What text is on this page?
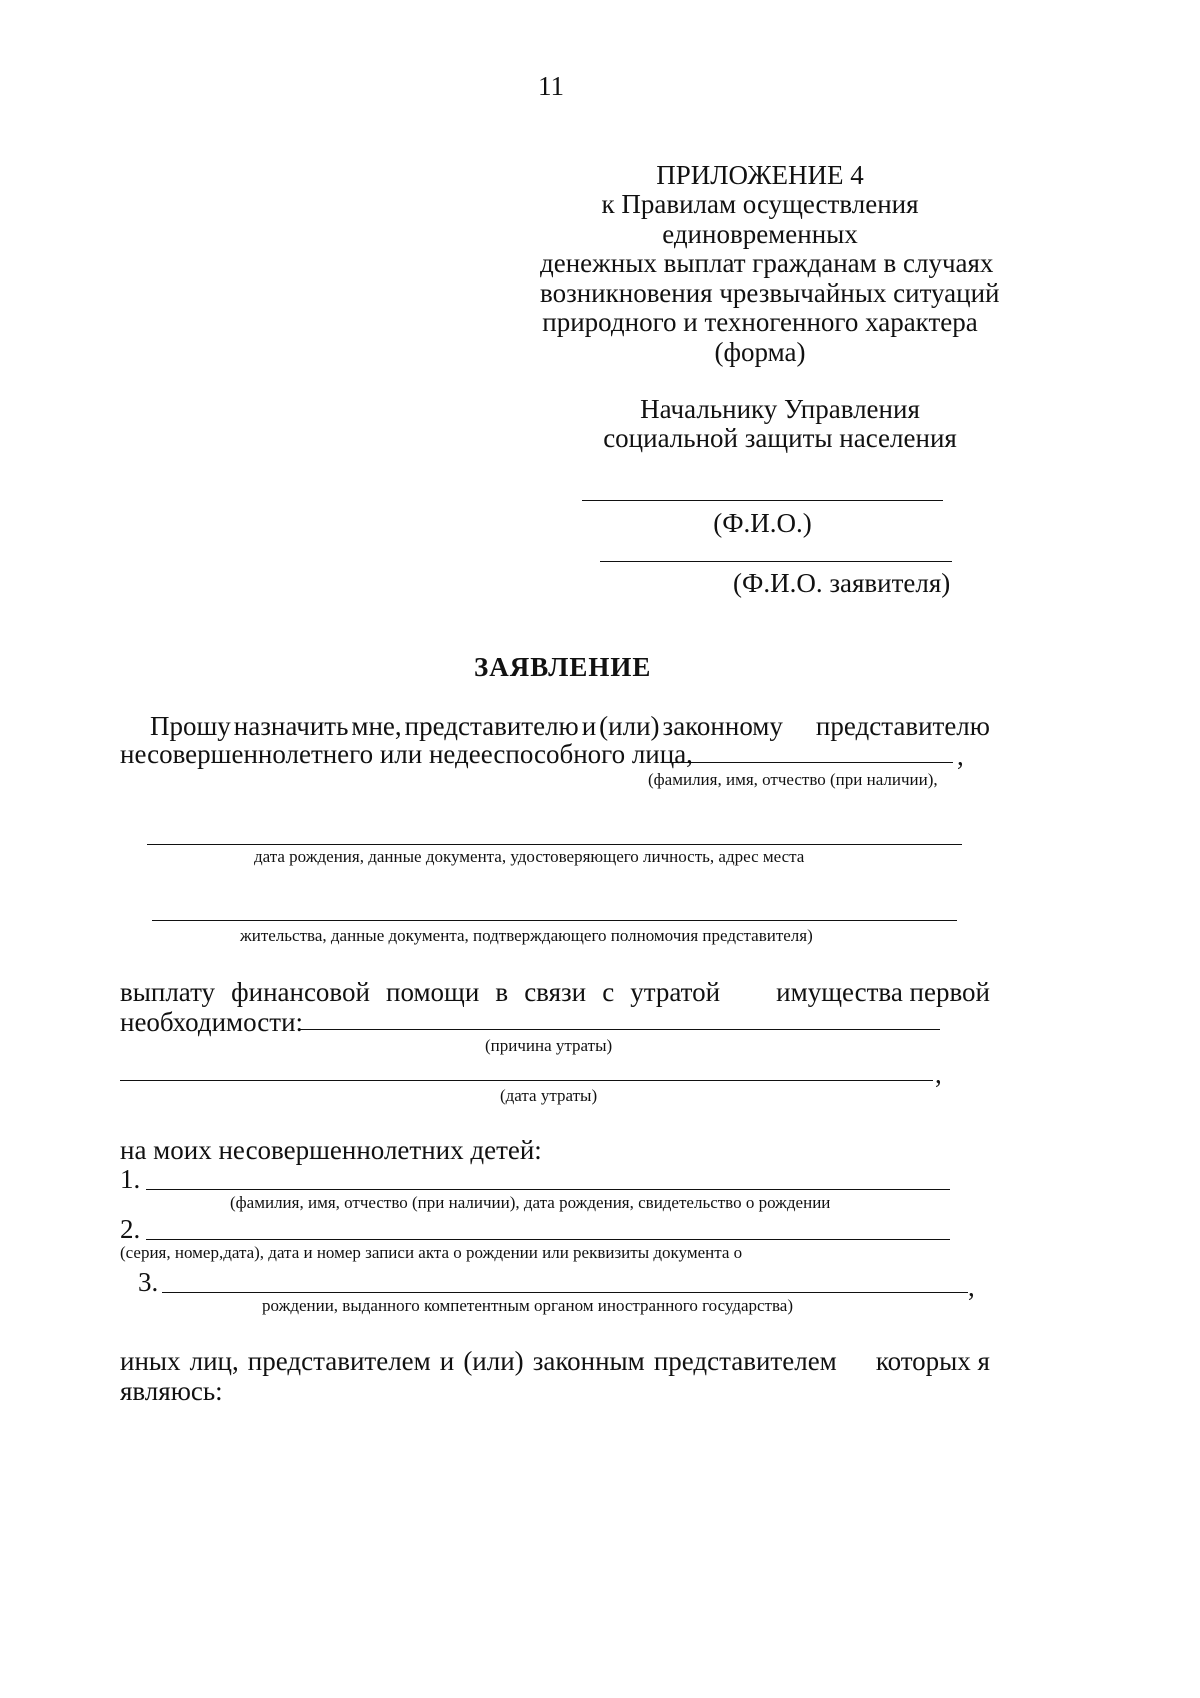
11
ПРИЛОЖЕНИЕ 4
к Правилам осуществления
единовременных
денежных выплат гражданам в случаях
возникновения чрезвычайных ситуаций
природного и техногенного характера
(форма)
Начальнику Управления
социальной защиты населения
(Ф.И.О.)
(Ф.И.О. заявителя)
ЗАЯВЛЕНИЕ
Прошу назначить мне, представителю и (или) законному представителю
несовершеннолетнего или недееспособного лица,	,
(фамилия, имя, отчество (при наличии),
дата рождения, данные документа, удостоверяющего личность, адрес места
жительства, данные документа, подтверждающего полномочия представителя)
выплату финансовой помощи в связи с утратой имущества первой
необходимости:
(причина утраты)
,
(дата утраты)
на моих несовершеннолетних детей:
1.
(фамилия, имя, отчество (при наличии), дата рождения, свидетельство о рождении
2.
(серия, номер,дата), дата и номер записи акта о рождении или реквизиты документа о
3.	,
рождении, выданного компетентным органом иностранного государства)
иных лиц, представителем и (или) законным представителем которых я
являюсь:
